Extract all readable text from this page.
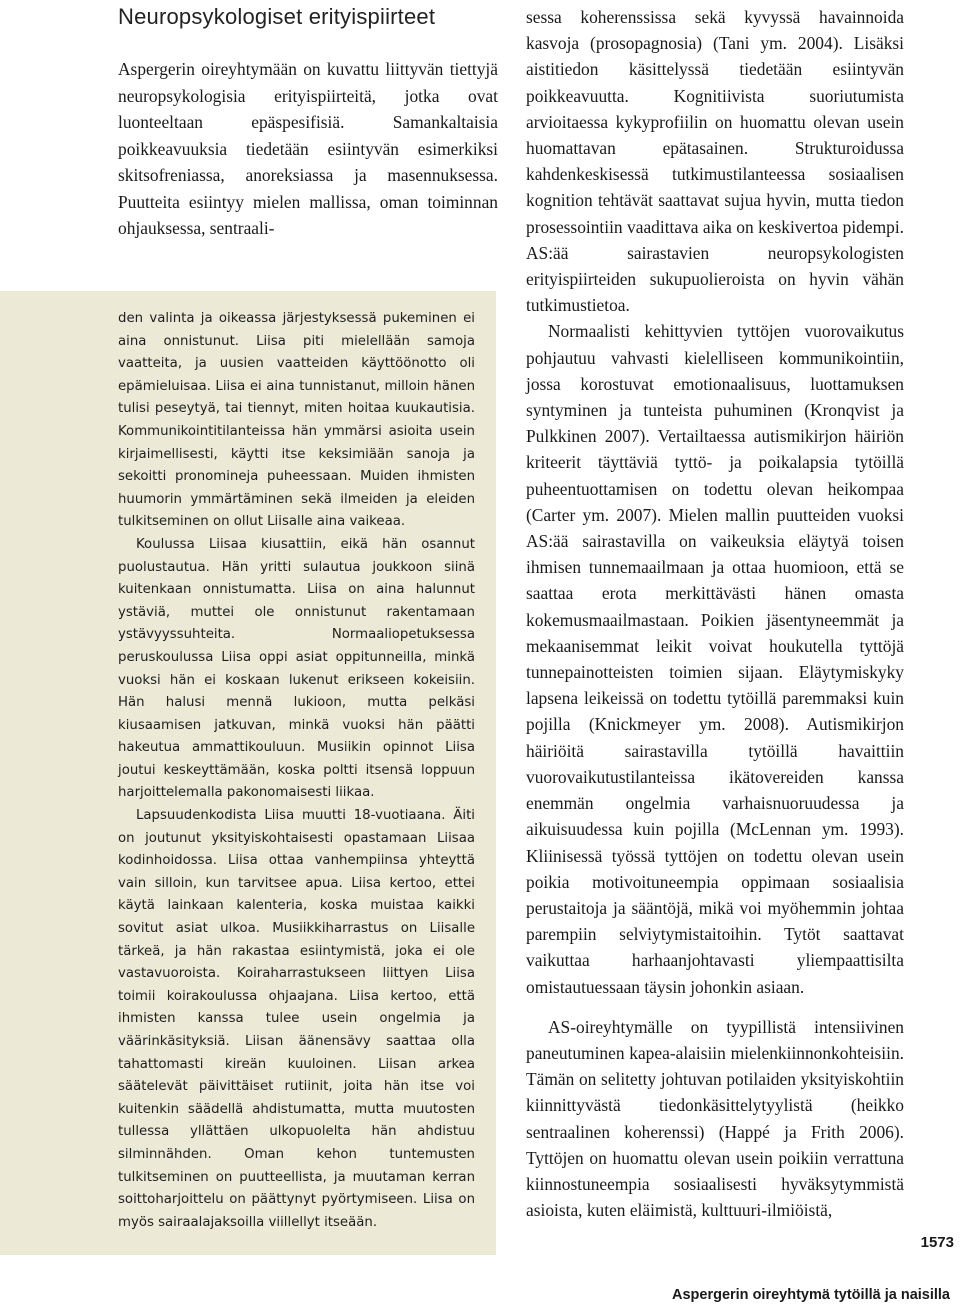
Neuropsykologiset erityispiirteet

Aspergerin oireyhtymään on kuvattu liittyvän tiettyjä neuropsykologisia erityispiirteitä, jotka ovat luonteeltaan epäspesifisiä. Samankaltaisia poikkeavuuksia tiedetään esiintyvän esimerkiksi skitsofreniassa, anoreksiassa ja masennuksessa. Puutteita esiintyy mielen mallissa, oman toiminnan ohjauksessa, sentraali-

den valinta ja oikeassa järjestyksessä pukeminen ei aina onnistunut. Liisa piti mielellään samoja vaatteita, ja uusien vaatteiden käyttöönotto oli epämieluisaa. Liisa ei aina tunnistanut, milloin hänen tulisi peseytyä, tai tiennyt, miten hoitaa kuukautisia. Kommunikointitilanteissa hän ymmärsi asioita usein kirjaimellisesti, käytti itse keksimiään sanoja ja sekoitti pronomineja puheessaan. Muiden ihmisten huumorin ymmärtäminen sekä ilmeiden ja eleiden tulkitseminen on ollut Liisalle aina vaikeaa.

Koulussa Liisaa kiusattiin, eikä hän osannut puolustautua. Hän yritti sulautua joukkoon siinä kuitenkaan onnistumatta. Liisa on aina halunnut ystäviä, muttei ole onnistunut rakentamaan ystävyyssuhteita. Normaaliopetuksessa peruskoulussa Liisa oppi asiat oppitunneilla, minkä vuoksi hän ei koskaan lukenut erikseen kokeisiin. Hän halusi mennä lukioon, mutta pelkäsi kiusaamisen jatkuvan, minkä vuoksi hän päätti hakeutua ammattikouluun. Musiikin opinnot Liisa joutui keskeyttämään, koska poltti itsensä loppuun harjoittelemalla pakonomaisesti liikaa.

Lapsuudenkodista Liisa muutti 18-vuotiaana. Äiti on joutunut yksityiskohtaisesti opastamaan Liisaa kodinhoidossa. Liisa ottaa vanhempiinsa yhteyttä vain silloin, kun tarvitsee apua. Liisa kertoo, ettei käytä lainkaan kalenteria, koska muistaa kaikki sovitut asiat ulkoa. Musiikkiharrastus on Liisalle tärkeä, ja hän rakastaa esiintymistä, joka ei ole vastavuoroista. Koiraharrastukseen liittyen Liisa toimii koirakoulussa ohjaajana. Liisa kertoo, että ihmisten kanssa tulee usein ongelmia ja väärinkäsityksiä. Liisan äänensävy saattaa olla tahattomasti kireän kuuloinen. Liisan arkea säätelevät päivittäiset rutiinit, joita hän itse voi kuitenkin säädellä ahdistumatta, mutta muutosten tullessa yllättäen ulkopuolelta hän ahdistuu silminnähden. Oman kehon tuntemusten tulkitseminen on puutteellista, ja muutaman kerran soittoharjoittelu on päättynyt pyörtymiseen. Liisa on myös sairaalajaksoilla viillellyt itseään.

sessa koherenssissa sekä kyvyssä havainnoida kasvoja (prosopagnosia) (Tani ym. 2004). Lisäksi aistitiedon käsittelyssä tiedetään esiintyvän poikkeavuutta. Kognitiivista suoriutumista arvioitaessa kykyprofiilin on huomattu olevan usein huomattavan epätasainen. Strukturoidussa kahdenkeskisessä tutkimustilanteessa sosiaalisen kognition tehtävät saattavat sujua hyvin, mutta tiedon prosessointiin vaadittava aika on keskivertoa pidempi. AS:ää sairastavien neuropsykologisten erityispiirteiden sukupuolieroista on hyvin vähän tutkimustietoa.

Normaalisti kehittyvien tyttöjen vuorovaikutus pohjautuu vahvasti kielelliseen kommunikointiin, jossa korostuvat emotionaalisuus, luottamuksen syntyminen ja tunteista puhuminen (Kronqvist ja Pulkkinen 2007). Vertailtaessa autismikirjon häiriön kriteerit täyttäviä tyttö- ja poikalapsia tytöillä puheentuottamisen on todettu olevan heikompaa (Carter ym. 2007). Mielen mallin puutteiden vuoksi AS:ää sairastavilla on vaikeuksia eläytyä toisen ihmisen tunnemaailmaan ja ottaa huomioon, että se saattaa erota merkittävästi hänen omasta kokemusmaailmastaan. Poikien jäsentyneemmät ja mekaanisemmat leikit voivat houkutella tyttöjä tunnepainotteisten toimien sijaan. Eläytymiskyky lapsena leikeissä on todettu tytöillä paremmaksi kuin pojilla (Knickmeyer ym. 2008). Autismikirjon häiriöitä sairastavilla tytöillä havaittiin vuorovaikutustilanteissa ikätovereiden kanssa enemmän ongelmia varhaisnuoruudessa ja aikuisuudessa kuin pojilla (McLennan ym. 1993). Kliinisessä työssä tyttöjen on todettu olevan usein poikia motivoituneempia oppimaan sosiaalisia perustaitoja ja sääntöjä, mikä voi myöhemmin johtaa parempiin selviytymistaitoihin. Tytöt saattavat vaikuttaa harhaanjohtavasti yliempaattisilta omistautuessaan täysin johonkin asiaan.

AS-oireyhtymälle on tyypillistä intensiivinen paneutuminen kapea-alaisiin mielenkiinnonkohteisiin. Tämän on selitetty johtuvan potilaiden yksityiskohtiin kiinnittyvästä tiedonkäsittelytyylistä (heikko sentraalinen koherenssi) (Happé ja Frith 2006). Tyttöjen on huomattu olevan usein poikiin verrattuna kiinnostuneempia sosiaalisesti hyväksytymmistä asioista, kuten eläimistä, kulttuuri-ilmiöistä,

1573
Aspergerin oireyhtymä tytöillä ja naisilla
